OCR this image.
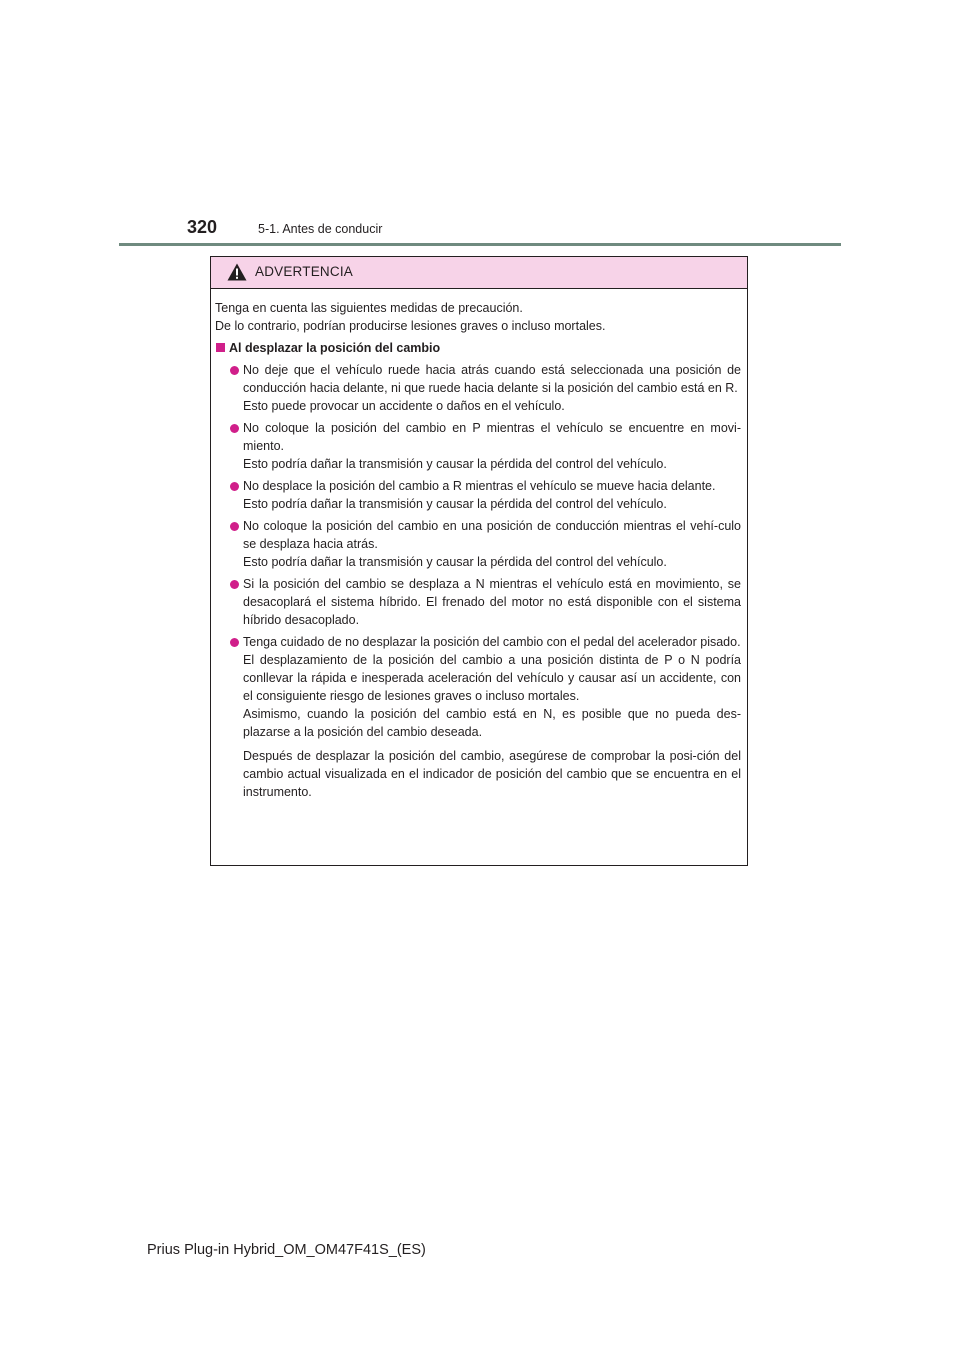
320	5-1. Antes de conducir
ADVERTENCIA

Tenga en cuenta las siguientes medidas de precaución.

De lo contrario, podrían producirse lesiones graves o incluso mortales.

Al desplazar la posición del cambio

No deje que el vehículo ruede hacia atrás cuando está seleccionada una posición de conducción hacia delante, ni que ruede hacia delante si la posición del cambio está en R.

Esto puede provocar un accidente o daños en el vehículo.

No coloque la posición del cambio en P mientras el vehículo se encuentre en movi-miento.

Esto podría dañar la transmisión y causar la pérdida del control del vehículo.

No desplace la posición del cambio a R mientras el vehículo se mueve hacia delante.

Esto podría dañar la transmisión y causar la pérdida del control del vehículo.

No coloque la posición del cambio en una posición de conducción mientras el vehí-culo se desplaza hacia atrás.

Esto podría dañar la transmisión y causar la pérdida del control del vehículo.

Si la posición del cambio se desplaza a N mientras el vehículo está en movimiento, se desacoplará el sistema híbrido. El frenado del motor no está disponible con el sistema híbrido desacoplado.

Tenga cuidado de no desplazar la posición del cambio con el pedal del acelerador pisado.

El desplazamiento de la posición del cambio a una posición distinta de P o N podría conllevar la rápida e inesperada aceleración del vehículo y causar así un accidente, con el consiguiente riesgo de lesiones graves o incluso mortales.

Asimismo, cuando la posición del cambio está en N, es posible que no pueda des-plazarse a la posición del cambio deseada.

Después de desplazar la posición del cambio, asegúrese de comprobar la posi-ción del cambio actual visualizada en el indicador de posición del cambio que se encuentra en el instrumento.

Prius Plug-in Hybrid_OM_OM47F41S_(ES)
